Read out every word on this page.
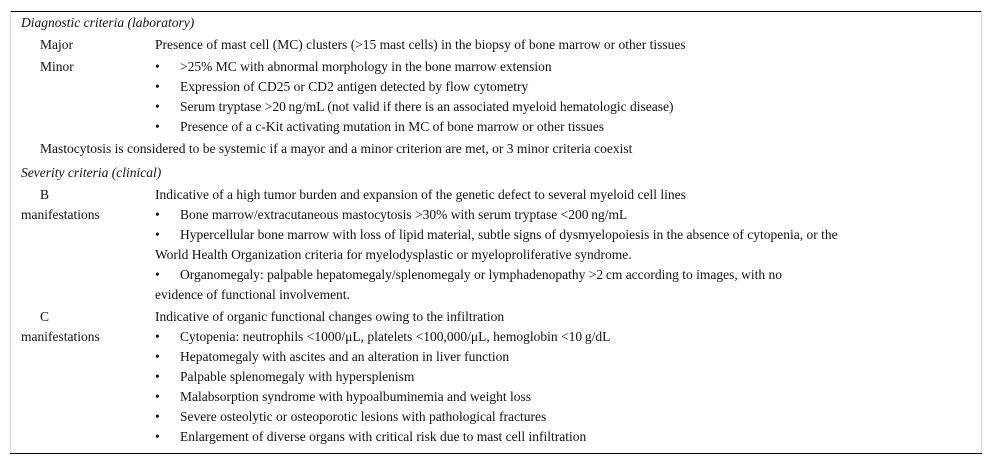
Diagnostic criteria (laboratory)
Major	Presence of mast cell (MC) clusters (>15 mast cells) in the biopsy of bone marrow or other tissues
Minor	• >25% MC with abnormal morphology in the bone marrow extension
• Expression of CD25 or CD2 antigen detected by flow cytometry
• Serum tryptase >20 ng/mL (not valid if there is an associated myeloid hematologic disease)
• Presence of a c-Kit activating mutation in MC of bone marrow or other tissues
Mastocytosis is considered to be systemic if a mayor and a minor criterion are met, or 3 minor criteria coexist
Severity criteria (clinical)
B
manifestations
Indicative of a high tumor burden and expansion of the genetic defect to several myeloid cell lines
• Bone marrow/extracutaneous mastocytosis >30% with serum tryptase <200 ng/mL
• Hypercellular bone marrow with loss of lipid material, subtle signs of dysmyelopoiesis in the absence of cytopenia, or the
World Health Organization criteria for myelodysplastic or myeloproliferative syndrome.
• Organomegaly: palpable hepatomegaly/splenomegaly or lymphadenopathy >2 cm according to images, with no
evidence of functional involvement.
C
manifestations
Indicative of organic functional changes owing to the infiltration
• Cytopenia: neutrophils <1000/μL, platelets <100,000/μL, hemoglobin <10 g/dL
• Hepatomegaly with ascites and an alteration in liver function
• Palpable splenomegaly with hypersplenism
• Malabsorption syndrome with hypoalbuminemia and weight loss
• Severe osteolytic or osteoporotic lesions with pathological fractures
• Enlargement of diverse organs with critical risk due to mast cell infiltration
